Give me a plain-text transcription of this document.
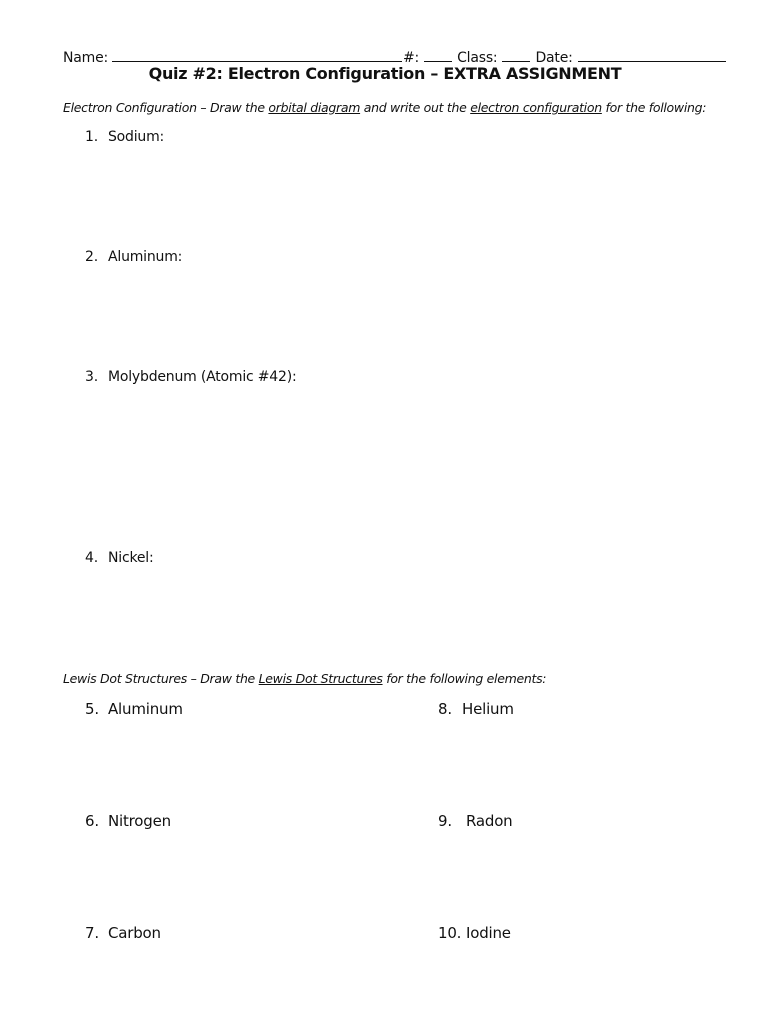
Name:	#:	Class:	Date:
Quiz #2: Electron Configuration – EXTRA ASSIGNMENT
Electron Configuration – Draw the orbital diagram and write out the electron configuration for the following:
1. Sodium:
2. Aluminum:
3. Molybdenum (Atomic #42):
4. Nickel:
Lewis Dot Structures – Draw the Lewis Dot Structures for the following elements:
5. Aluminum
6. Nitrogen
7. Carbon
8. Helium
9. Radon
10. Iodine
